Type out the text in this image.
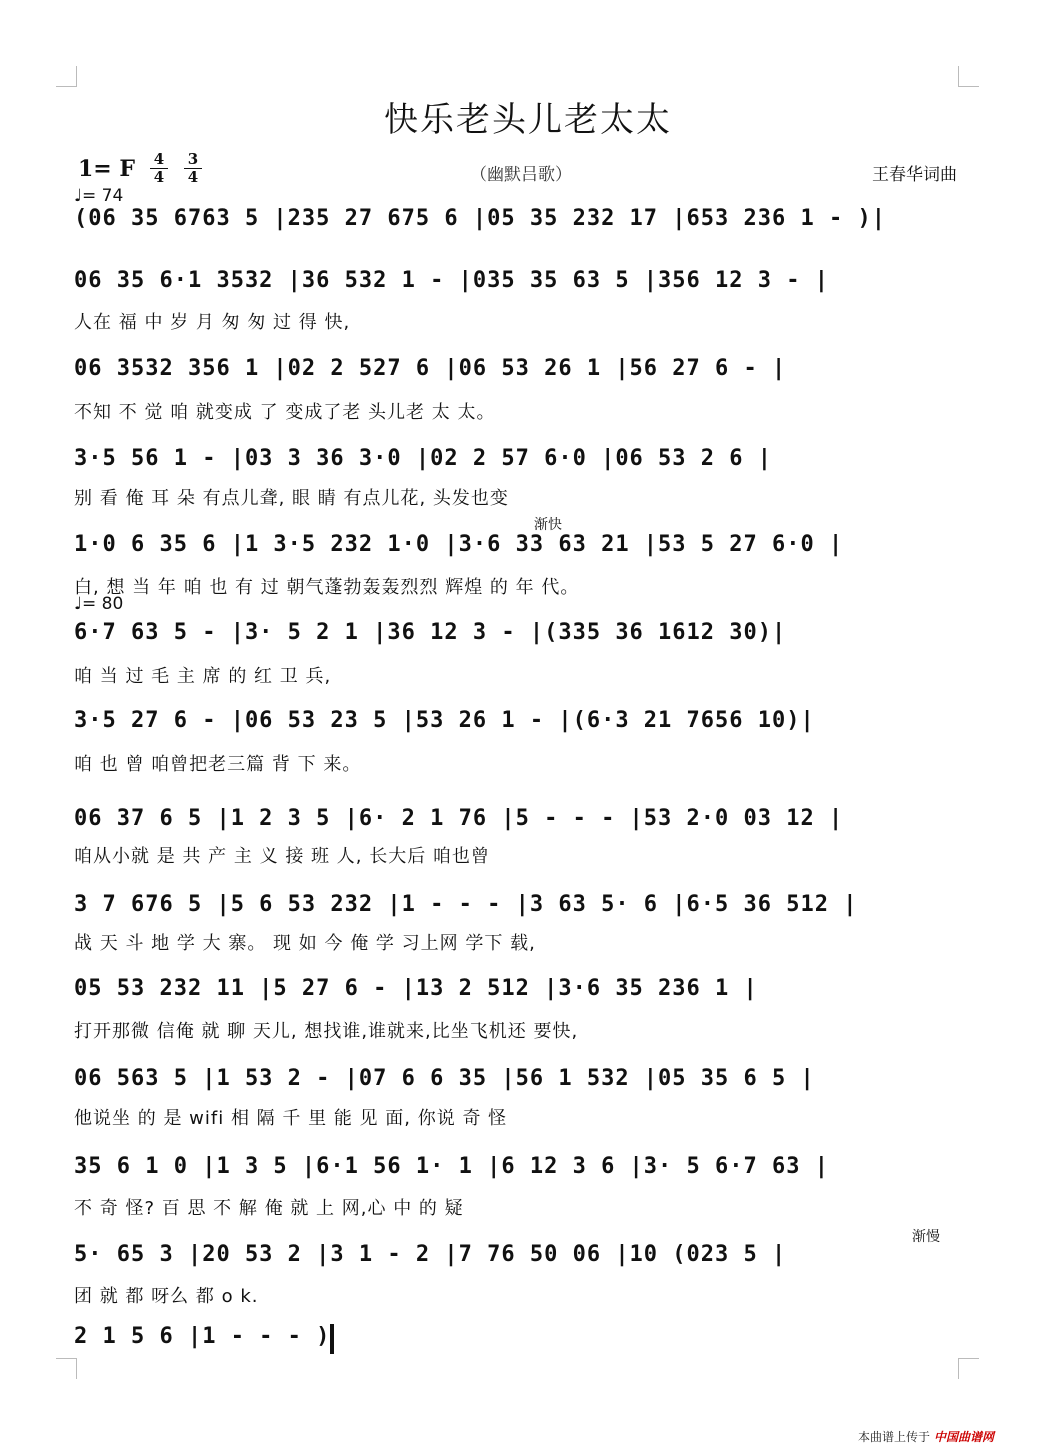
快乐老头儿老太太
1= F 4
4
3
4	（幽默吕歌）	王春华词曲
♩= 74
♩= 80
渐快
渐慢
(06 35 6763 5 |235 27 675 6 |05 35 232 17 |653 236 1 - )|
06 35 6·1 3532 |36 532 1 - |035 35 63 5 |356 12 3 - |
人在 福 中 岁 月 匆 匆 过 得 快,
06 3532 356 1 |02 2 527 6 |06 53 26 1 |56 27 6 - |
不知 不 觉 咱 就变成 了 变成了老 头儿老 太 太。
3·5 56 1 - |03 3 36 3·0 |02 2 57 6·0 |06 53 2 6 |
别 看 俺 耳 朵 有点儿聋, 眼 睛 有点儿花, 头发也变
1·0 6 35 6 |1 3·5 232 1·0 |3·6 33 63 21 |53 5 27 6·0 |
白, 想 当 年 咱 也 有 过 朝气蓬勃轰轰烈烈 辉煌 的 年 代。
6·7 63 5 - |3· 5 2 1 |36 12 3 - |(335 36 1612 30)|
咱 当 过 毛 主 席 的 红 卫 兵,
3·5 27 6 - |06 53 23 5 |53 26 1 - |(6·3 21 7656 10)|
咱 也 曾 咱曾把老三篇 背 下 来。
06 37 6 5 |1 2 3 5 |6· 2 1 76 |5 - - - |53 2·0 03 12 |
咱从小就 是 共 产 主 义 接 班 人, 长大后 咱也曾
3 7 676 5 |5 6 53 232 |1 - - - |3 63 5· 6 |6·5 36 512 |
战 天 斗 地 学 大 寨。 现 如 今 俺 学 习上网 学下 载,
05 53 232 11 |5 27 6 - |13 2 512 |3·6 35 236 1 |
打开那微 信俺 就 聊 天儿, 想找谁,谁就来,比坐飞机还 要快,
06 563 5 |1 53 2 - |07 6 6 35 |56 1 532 |05 35 6 5 |
他说坐 的 是 wifi 相 隔 千 里 能 见 面, 你说 奇 怪
35 6 1 0 |1 3 5 |6·1 56 1· 1 |6 12 3 6 |3· 5 6·7 63 |
不 奇 怪? 百 思 不 解 俺 就 上 网,心 中 的 疑
5· 65 3 |20 53 2 |3 1 - 2 |7 76 50 06 |10 (023 5 |
团 就 都 呀么 都 o k.
2 1 5 6 |1 - - - )
本曲谱上传于 中国曲谱网
